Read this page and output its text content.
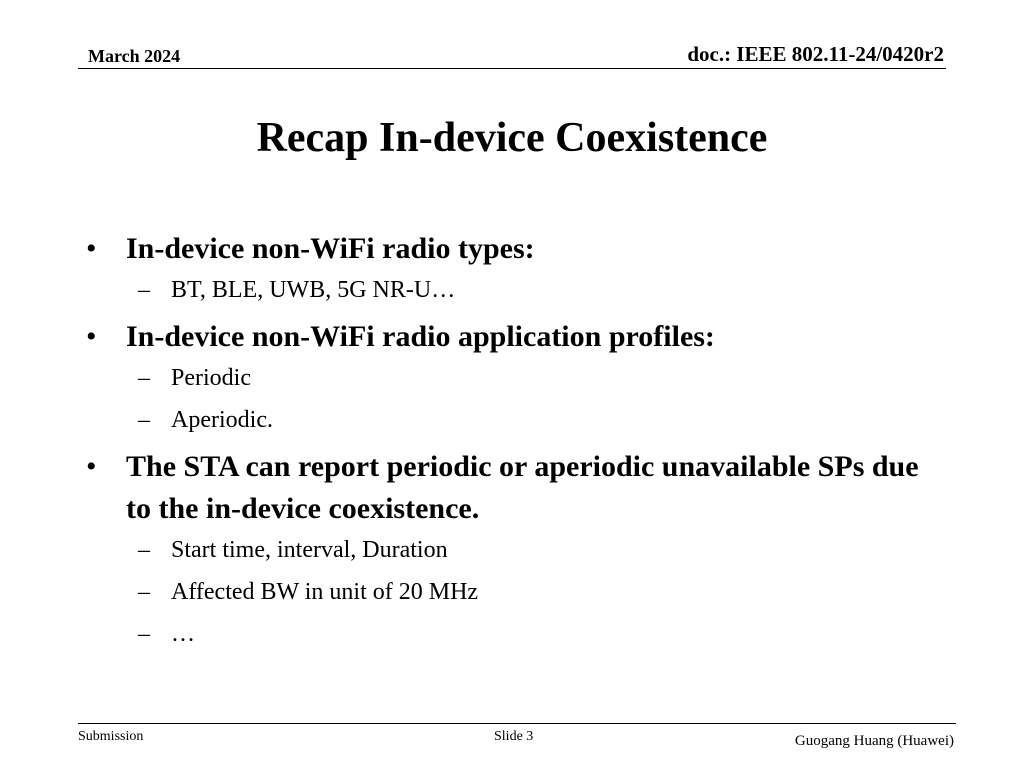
March 2024	doc.: IEEE 802.11-24/0420r2
Recap In-device Coexistence
• In-device non-WiFi radio types:
– BT, BLE, UWB, 5G NR-U…
• In-device non-WiFi radio application profiles:
– Periodic
– Aperiodic.
• The STA can report periodic or aperiodic unavailable SPs due to the in-device coexistence.
– Start time, interval, Duration
– Affected BW in unit of 20 MHz
– …
Submission	Slide 3	Guogang Huang (Huawei)
